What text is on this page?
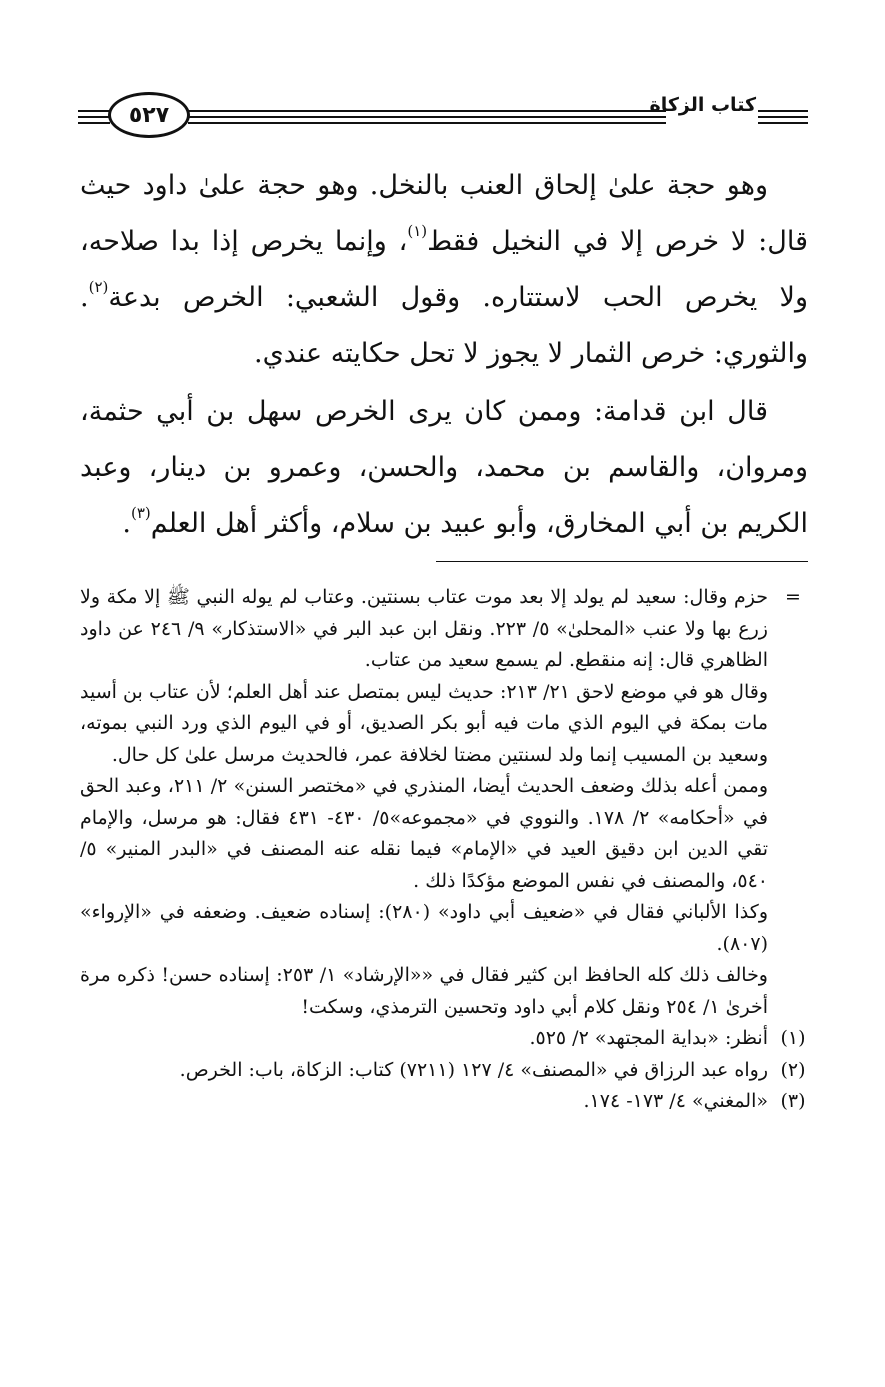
٥٢٧	كتاب الزكاة

وهو حجة علىٰ إلحاق العنب بالنخل. وهو حجة علىٰ داود حيث قال: لا خرص إلا في النخيل فقط$^{(١)}$، وإنما يخرص إذا بدا صلاحه، ولا يخرص الحب لاستتاره. وقول الشعبي: الخرص بدعة$^{(٢)}$. والثوري: خرص الثمار لا يجوز لا تحل حكايته عندي.

قال ابن قدامة: وممن كان يرى الخرص سهل بن أبي حثمة، ومروان، والقاسم بن محمد، والحسن، وعمرو بن دينار، وعبد الكريم بن أبي المخارق، وأبو عبيد بن سلام، وأكثر أهل العلم$^{(٣)}$.

=

حزم وقال: سعيد لم يولد إلا بعد موت عتاب بسنتين. وعتاب لم يوله النبي ﷺ إلا مكة ولا زرع بها ولا عنب «المحلىٰ» ٥/ ٢٢٣. ونقل ابن عبد البر في «الاستذكار» ٩/ ٢٤٦ عن داود الظاهري قال: إنه منقطع. لم يسمع سعيد من عتاب.

وقال هو في موضع لاحق ٢١/ ٢١٣: حديث ليس بمتصل عند أهل العلم؛ لأن عتاب بن أسيد مات بمكة في اليوم الذي مات فيه أبو بكر الصديق، أو في اليوم الذي ورد النبي بموته، وسعيد بن المسيب إنما ولد لسنتين مضتا لخلافة عمر، فالحديث مرسل علىٰ كل حال.

وممن أعله بذلك وضعف الحديث أيضا، المنذري في «مختصر السنن» ٢/ ٢١١، وعبد الحق في «أحكامه» ٢/ ١٧٨. والنووي في «مجموعه»٥/ ٤٣٠- ٤٣١ فقال: هو مرسل، والإمام تقي الدين ابن دقيق العيد في «الإمام» فيما نقله عنه المصنف في «البدر المنير» ٥/ ٥٤٠، والمصنف في نفس الموضع مؤكدًا ذلك .

وكذا الألباني فقال في «ضعيف أبي داود» (٢٨٠): إسناده ضعيف. وضعفه في «الإرواء» (٨٠٧).

وخالف ذلك كله الحافظ ابن كثير فقال في ««الإرشاد» ١/ ٢٥٣: إسناده حسن! ذكره مرة أخرىٰ ١/ ٢٥٤ ونقل كلام أبي داود وتحسين الترمذي، وسكت!

(١)
أنظر: «بداية المجتهد» ٢/ ٥٢٥.
(٢)
رواه عبد الرزاق في «المصنف» ٤/ ١٢٧ (٧٢١١) كتاب: الزكاة، باب: الخرص.
(٣)
«المغني» ٤/ ١٧٣- ١٧٤.
